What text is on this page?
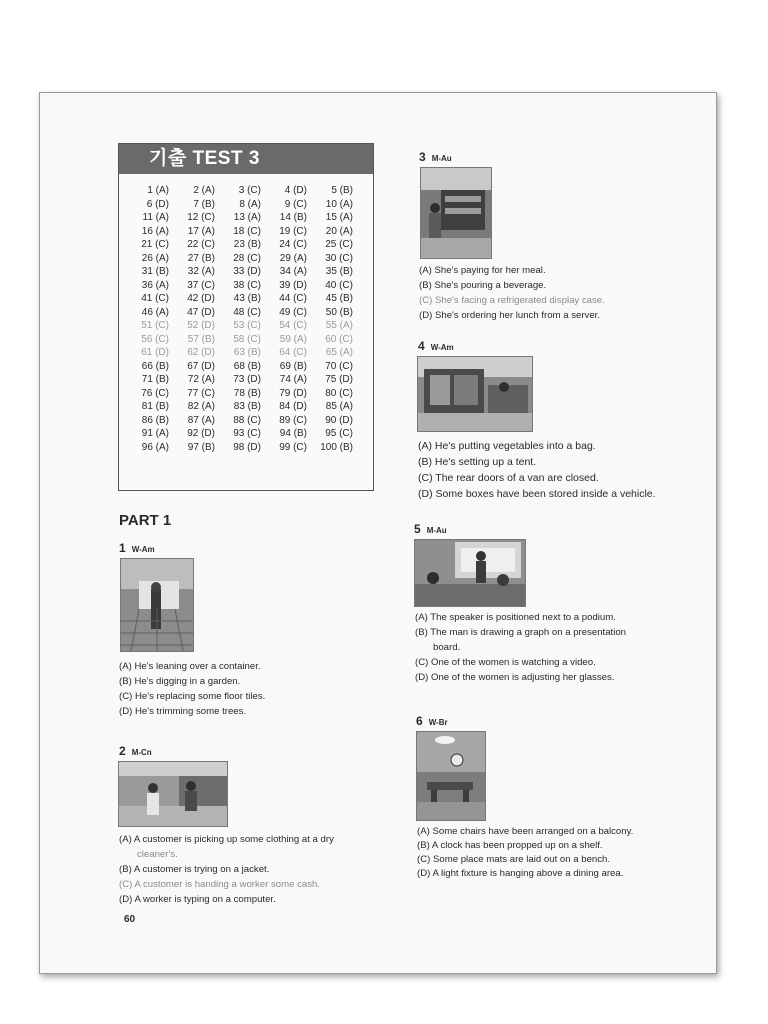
기출 TEST 3
1 (A)	2 (A)	3 (C)	4 (D)	5 (B)
6 (D)	7 (B)	8 (A)	9 (C)	10 (A)
11 (A)	12 (C)	13 (A)	14 (B)	15 (A)
16 (A)	17 (A)	18 (C)	19 (C)	20 (A)
21 (C)	22 (C)	23 (B)	24 (C)	25 (C)
26 (A)	27 (B)	28 (C)	29 (A)	30 (C)
31 (B)	32 (A)	33 (D)	34 (A)	35 (B)
36 (A)	37 (C)	38 (C)	39 (D)	40 (C)
41 (C)	42 (D)	43 (B)	44 (C)	45 (B)
46 (A)	47 (D)	48 (C)	49 (C)	50 (B)
51 (C)	52 (D)	53 (C)	54 (C)	55 (A)
56 (C)	57 (B)	58 (C)	59 (A)	60 (C)
61 (D)	62 (D)	63 (B)	64 (C)	65 (A)
66 (B)	67 (D)	68 (B)	69 (B)	70 (C)
71 (B)	72 (A)	73 (D)	74 (A)	75 (D)
76 (C)	77 (C)	78 (B)	79 (D)	80 (C)
81 (B)	82 (A)	83 (B)	84 (D)	85 (A)
86 (B)	87 (A)	88 (C)	89 (C)	90 (D)
91 (A)	92 (D)	93 (C)	94 (B)	95 (C)
96 (A)	97 (B)	98 (D)	99 (C)	100 (B)
PART 1
1 W-Am
(A) He's leaning over a container.
(B) He's digging in a garden.
(C) He's replacing some floor tiles.
(D) He's trimming some trees.
2 M-Cn
(A) A customer is picking up some clothing at a dry
cleaner's.
(B) A customer is trying on a jacket.
(C) A customer is handing a worker some cash.
(D) A worker is typing on a computer.
3 M-Au
(A) She's paying for her meal.
(B) She's pouring a beverage.
(C) She's facing a refrigerated display case.
(D) She's ordering her lunch from a server.
4 W-Am
(A) He's putting vegetables into a bag.
(B) He's setting up a tent.
(C) The rear doors of a van are closed.
(D) Some boxes have been stored inside a vehicle.
5 M-Au
(A) The speaker is positioned next to a podium.
(B) The man is drawing a graph on a presentation
board.
(C) One of the women is watching a video.
(D) One of the women is adjusting her glasses.
6 W-Br
(A) Some chairs have been arranged on a balcony.
(B) A clock has been propped up on a shelf.
(C) Some place mats are laid out on a bench.
(D) A light fixture is hanging above a dining area.
60
